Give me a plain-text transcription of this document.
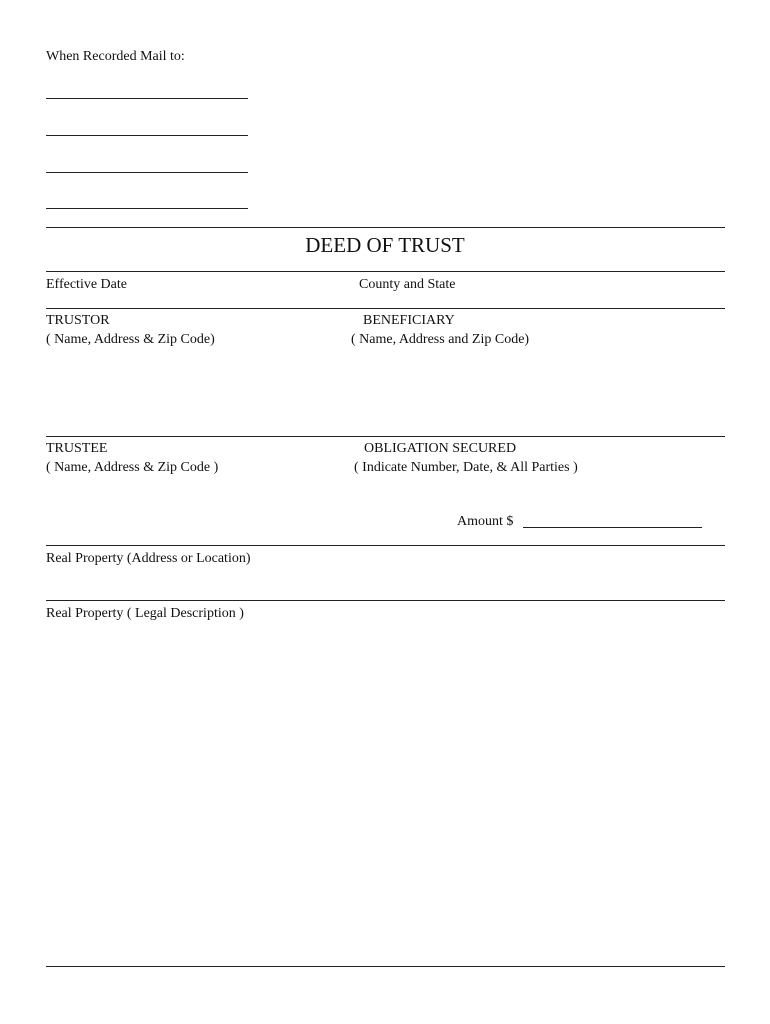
When Recorded Mail to:
DEED OF TRUST
Effective Date	County and State
TRUSTOR
( Name, Address & Zip Code)
BENEFICIARY
( Name, Address and Zip Code)
TRUSTEE
( Name, Address & Zip Code )
OBLIGATION SECURED
( Indicate Number, Date, & All Parties )
Amount $
Real Property (Address or Location)
Real Property ( Legal Description )
